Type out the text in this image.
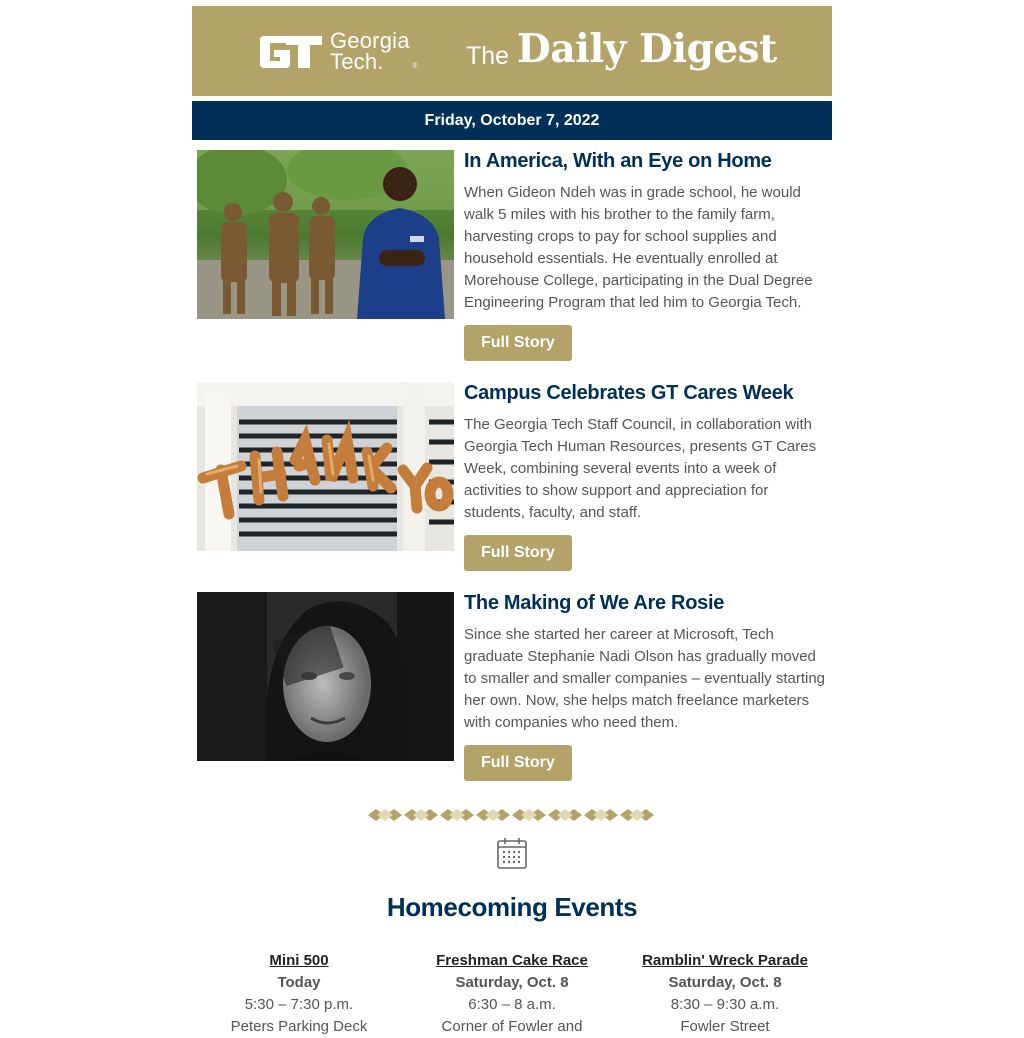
Georgia
Tech.	® The Daily Digest
Friday, October 7, 2022
In America, With an Eye on Home

When Gideon Ndeh was in grade school, he would walk 5 miles with his brother to the family farm, harvesting crops to pay for school supplies and household essentials. He eventually enrolled at Morehouse College, participating in the Dual Degree Engineering Program that led him to Georgia Tech.

Full Story
Campus Celebrates GT Cares Week

The Georgia Tech Staff Council, in collaboration with Georgia Tech Human Resources, presents GT Cares Week, combining several events into a week of activities to show support and appreciation for students, faculty, and staff.

Full Story
The Making of We Are Rosie

Since she started her career at Microsoft, Tech graduate Stephanie Nadi Olson has gradually moved to smaller and smaller companies – eventually starting her own. Now, she helps match freelance marketers with companies who need them.

Full Story
Homecoming Events
Mini 500
Today
5:30 – 7:30 p.m.
Peters Parking Deck
Freshman Cake Race
Saturday, Oct. 8
6:30 – 8 a.m.
Corner of Fowler and
Ramblin' Wreck Parade
Saturday, Oct. 8
8:30 – 9:30 a.m.
Fowler Street
